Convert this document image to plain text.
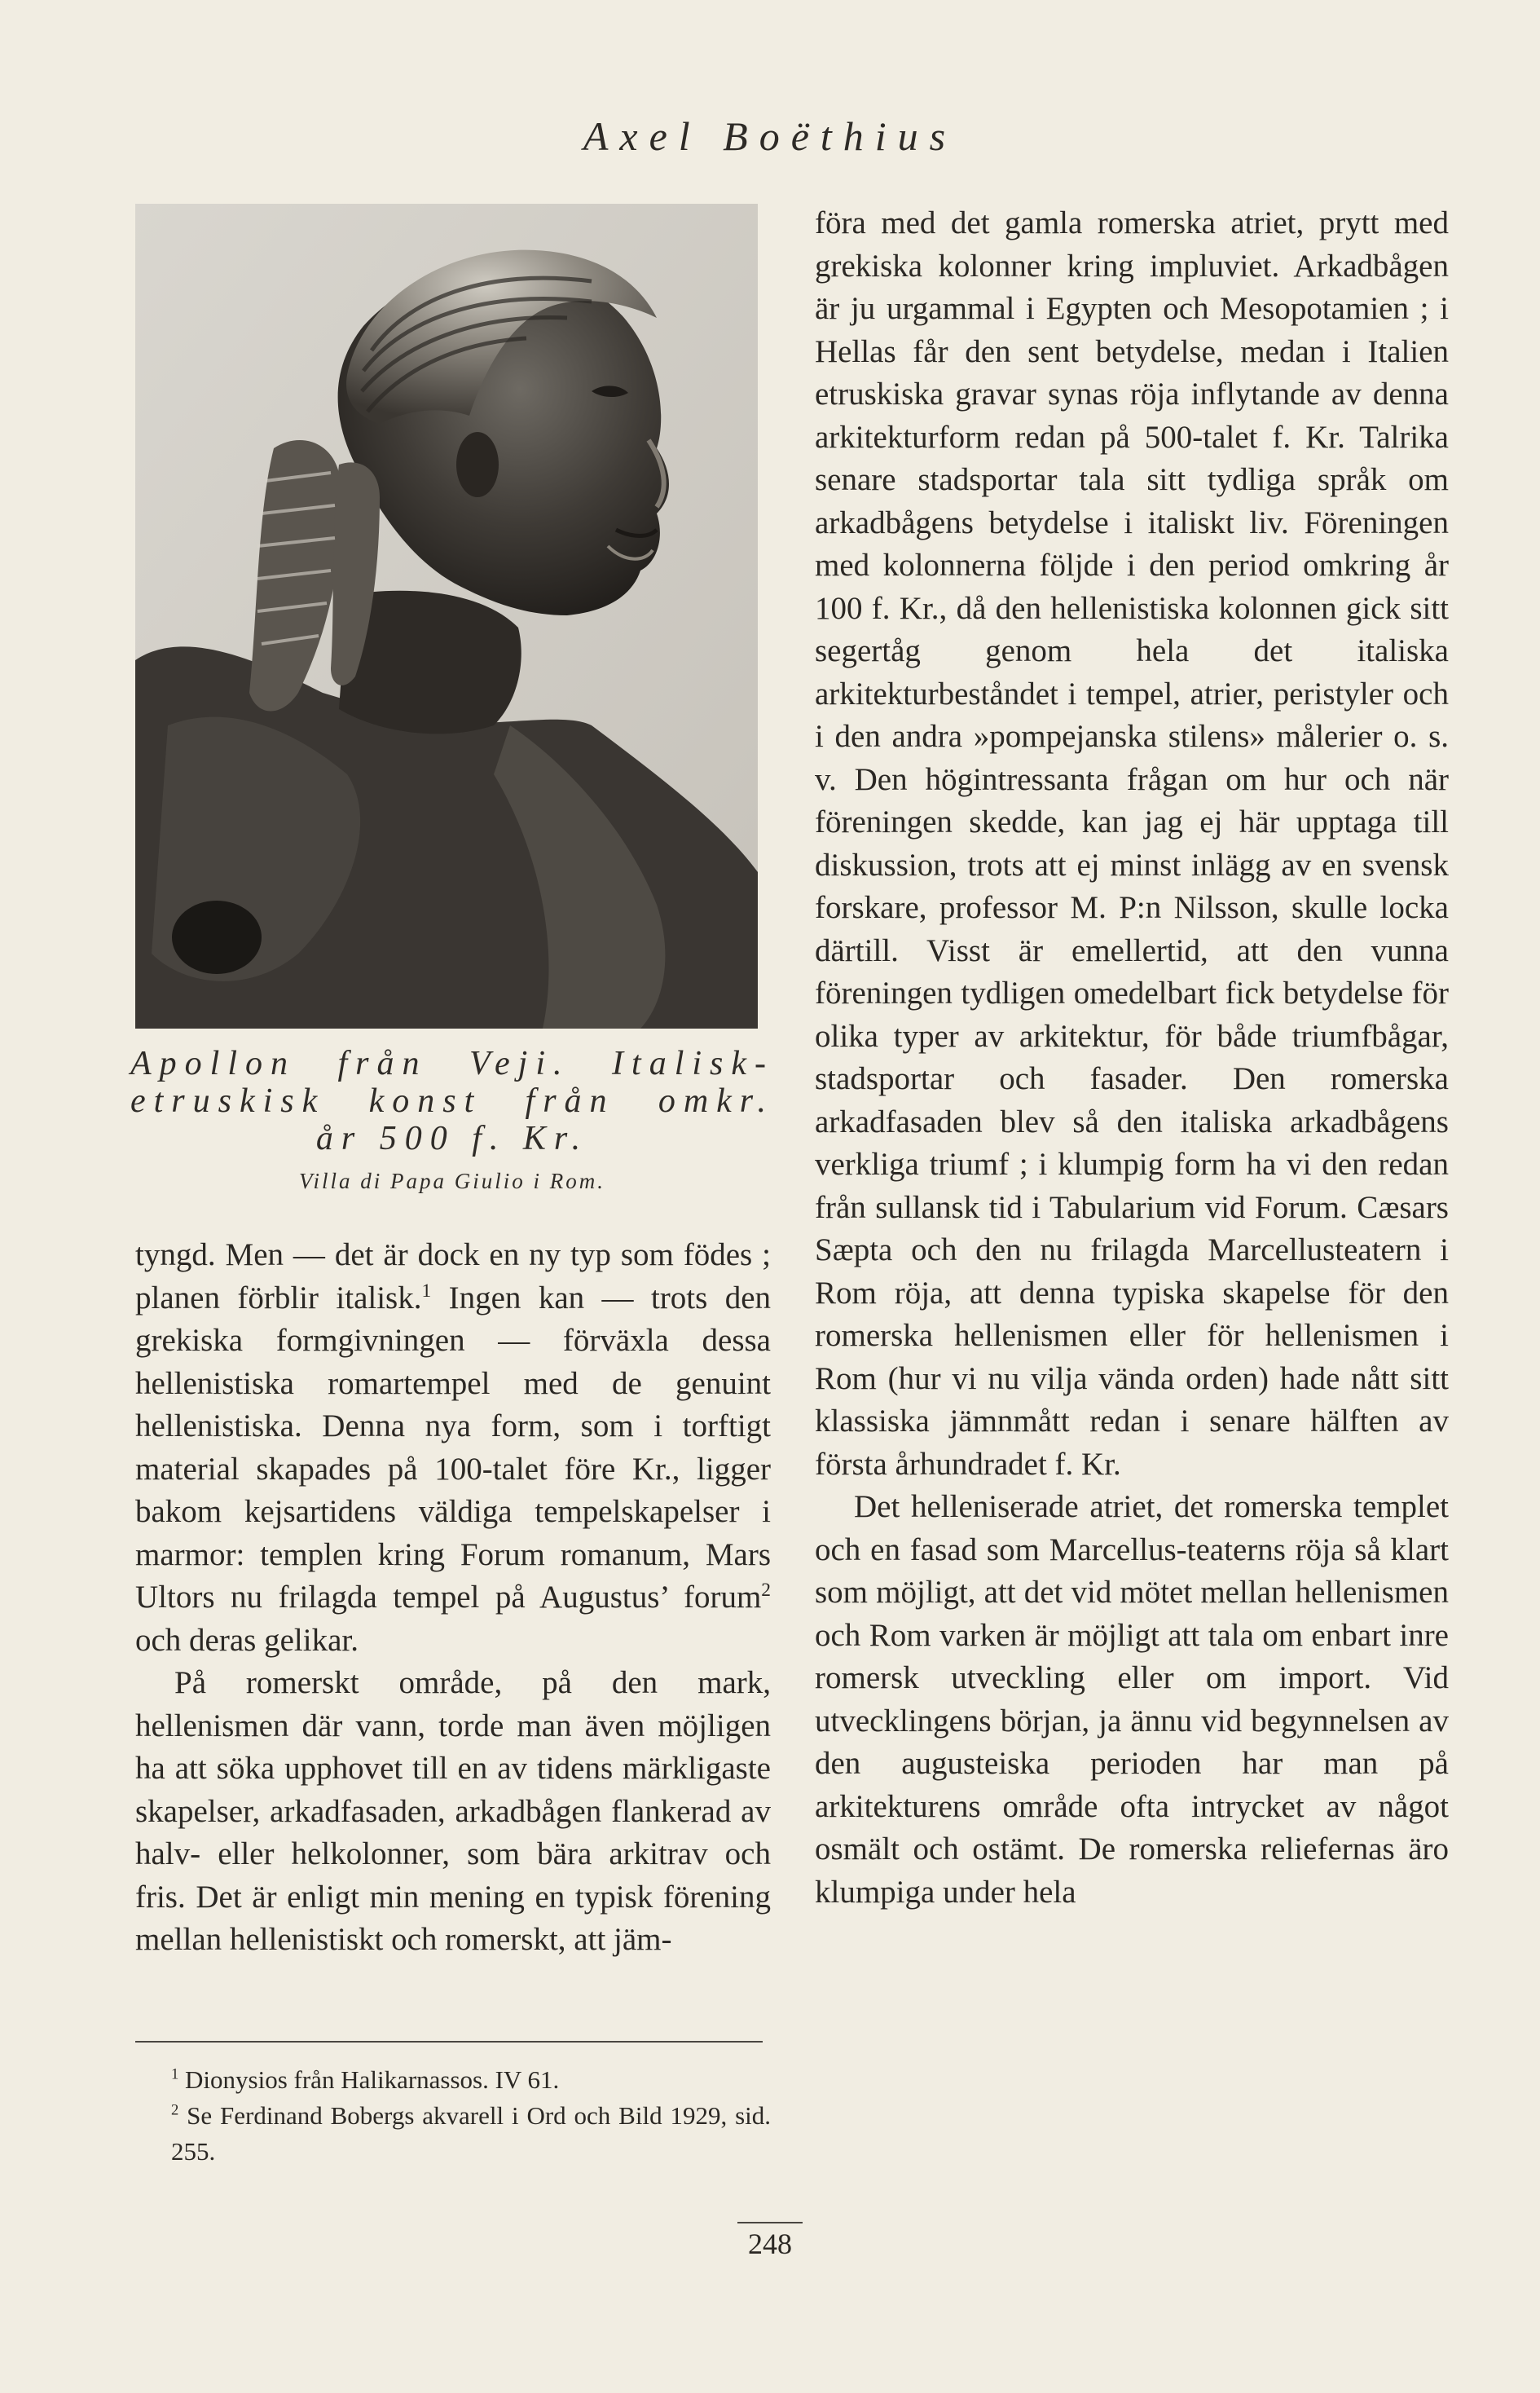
Axel Boëthius
Apollon från Veji. Italisk-
etruskisk konst från omkr.
år 500 f. Kr.
Villa di Papa Giulio i Rom.

tyngd. Men — det är dock en ny typ som födes ; planen förblir italisk.$^1$ Ingen kan — trots den grekiska formgivningen — förväxla dessa hellenistiska romartempel med de genuint hellenistiska. Denna nya form, som i torftigt material skapades på 100-talet före Kr., ligger bakom kejsartidens väldiga tempelskapelser i marmor: templen kring Forum romanum, Mars Ultors nu frilagda tempel på Augustus’ forum$^2$ och deras gelikar.

På romerskt område, på den mark, hellenismen där vann, torde man även möjligen ha att söka upphovet till en av tidens märkligaste skapelser, arkadfasaden, arkadbågen flankerad av halv- eller helkolonner, som bära arkitrav och fris. Det är enligt min mening en typisk förening mellan hellenistiskt och romerskt, att jäm-

$^1$ Dionysios från Halikarnassos. IV 61.
$^2$ Se Ferdinand Bobergs akvarell i Ord och Bild 1929, sid. 255.

föra med det gamla romerska atriet, prytt med grekiska kolonner kring impluviet. Arkadbågen är ju urgammal i Egypten och Mesopotamien ; i Hellas får den sent betydelse, medan i Italien etruskiska gravar synas röja inflytande av denna arkitekturform redan på 500-talet f. Kr. Talrika senare stadsportar tala sitt tydliga språk om arkadbågens betydelse i italiskt liv. Föreningen med kolonnerna följde i den period omkring år 100 f. Kr., då den hellenistiska kolonnen gick sitt segertåg genom hela det italiska arkitekturbeståndet i tempel, atrier, peristyler och i den andra »pompejanska stilens» målerier o. s. v. Den högintressanta frågan om hur och när föreningen skedde, kan jag ej här upptaga till diskussion, trots att ej minst inlägg av en svensk forskare, professor M. P:n Nilsson, skulle locka därtill. Visst är emellertid, att den vunna föreningen tydligen omedelbart fick betydelse för olika typer av arkitektur, för både triumfbågar, stadsportar och fasader. Den romerska arkadfasaden blev så den italiska arkadbågens verkliga triumf ; i klumpig form ha vi den redan från sullansk tid i Tabularium vid Forum. Cæsars Sæpta och den nu frilagda Marcellusteatern i Rom röja, att denna typiska skapelse för den romerska hellenismen eller för hellenismen i Rom (hur vi nu vilja vända orden) hade nått sitt klassiska jämnmått redan i senare hälften av första århundradet f. Kr.

Det helleniserade atriet, det romerska templet och en fasad som Marcellus-teaterns röja så klart som möjligt, att det vid mötet mellan hellenismen och Rom varken är möjligt att tala om enbart inre romersk utveckling eller om import. Vid utvecklingens början, ja ännu vid begynnelsen av den augusteiska perioden har man på arkitekturens område ofta intrycket av något osmält och ostämt. De romerska reliefernas äro klumpiga under hela

248
